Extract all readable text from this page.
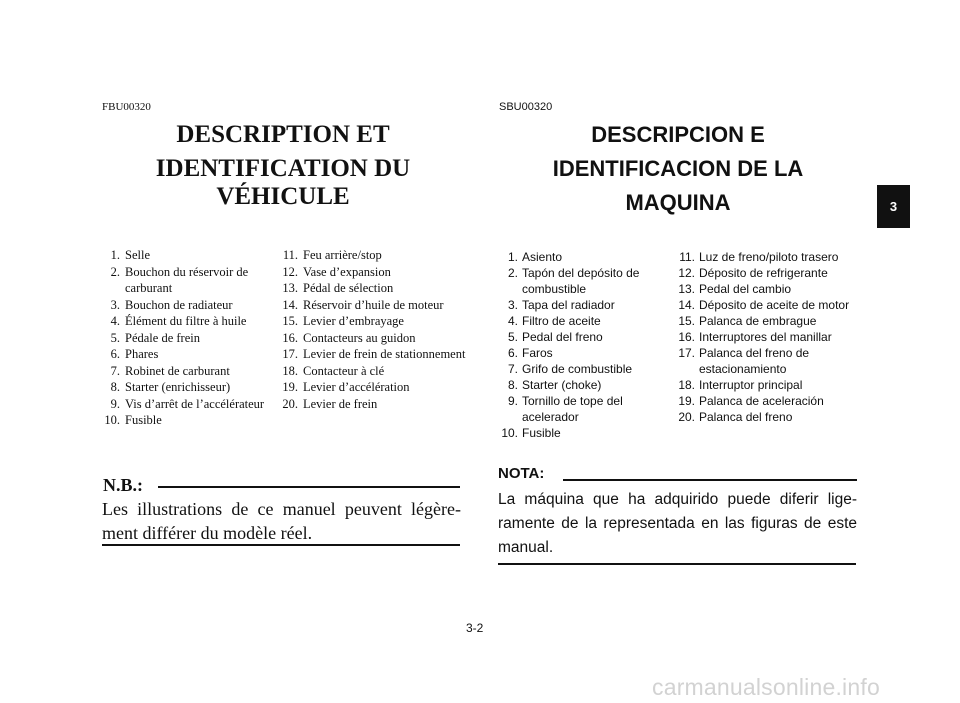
FBU00320
DESCRIPTION ET
IDENTIFICATION DU
VÉHICULE
1. Selle
2. Bouchon du réservoir de carburant
3. Bouchon de radiateur
4. Élément du filtre à huile
5. Pédale de frein
6. Phares
7. Robinet de carburant
8. Starter (enrichisseur)
9. Vis d’arrêt de l’accélérateur
10. Fusible
11. Feu arrière/stop
12. Vase d’expansion
13. Pédal de sélection
14. Réservoir d’huile de moteur
15. Levier d’embrayage
16. Contacteurs au guidon
17. Levier de frein de stationnement
18. Contacteur à clé
19. Levier d’accélération
20. Levier de frein
N.B.:
Les illustrations de ce manuel peuvent légère-ment différer du modèle réel.
SBU00320
DESCRIPCION E
IDENTIFICACION DE LA
MAQUINA
1. Asiento
2. Tapón del depósito de combustible
3. Tapa del radiador
4. Filtro de aceite
5. Pedal del freno
6. Faros
7. Grifo de combustible
8. Starter (choke)
9. Tornillo de tope del acelerador
10. Fusible
11. Luz de freno/piloto trasero
12. Déposito de refrigerante
13. Pedal del cambio
14. Déposito de aceite de motor
15. Palanca de embrague
16. Interruptores del manillar
17. Palanca del freno de estacionamiento
18. Interruptor principal
19. Palanca de aceleración
20. Palanca del freno
NOTA:
La máquina que ha adquirido puede diferir lige-ramente de la representada en las figuras de este manual.
3
3-2
carmanualsonline.info
